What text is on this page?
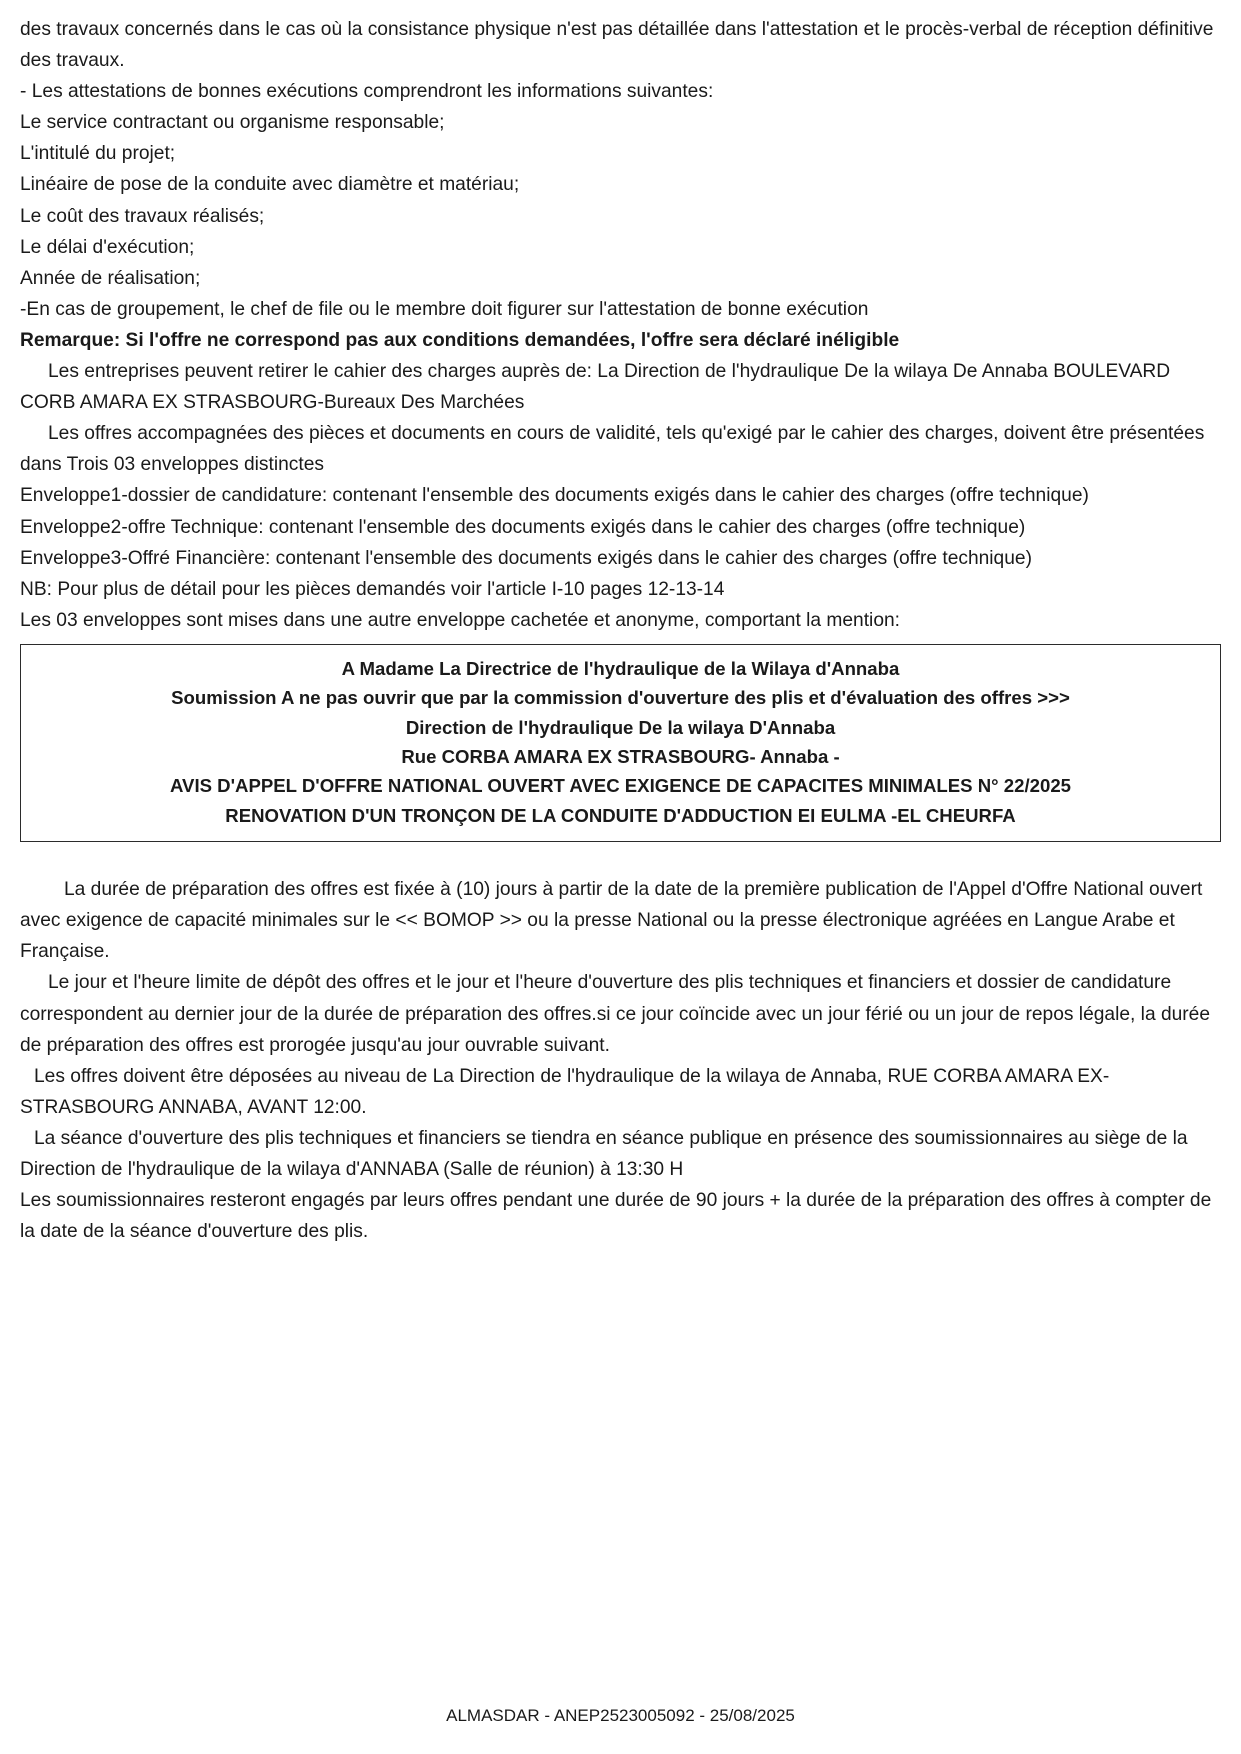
des travaux concernés dans le cas où la consistance physique n'est pas détaillée dans l'attestation et le procès-verbal de réception définitive des travaux.

- Les attestations de bonnes exécutions comprendront les informations suivantes:

Le service contractant ou organisme responsable;

L'intitulé du projet;

Linéaire de pose de la conduite avec diamètre et matériau;

Le coût des travaux réalisés;

Le délai d'exécution;

Année de réalisation;

-En cas de groupement, le chef de file ou le membre doit figurer sur l'attestation de bonne exécution

Remarque: Si l'offre ne correspond pas aux conditions demandées, l'offre sera déclaré inéligible

Les entreprises peuvent retirer le cahier des charges auprès de: La Direction de l'hydraulique De la wilaya De Annaba BOULEVARD CORB AMARA EX STRASBOURG-Bureaux Des Marchées

Les offres accompagnées des pièces et documents en cours de validité, tels qu'exigé par le cahier des charges, doivent être présentées dans Trois 03 enveloppes distinctes

Enveloppe1-dossier de candidature: contenant l'ensemble des documents exigés dans le cahier des charges (offre technique)

Enveloppe2-offre Technique: contenant l'ensemble des documents exigés dans le cahier des charges (offre technique)

Enveloppe3-Offré Financière: contenant l'ensemble des documents exigés dans le cahier des charges (offre technique)

NB: Pour plus de détail pour les pièces demandés voir l'article I-10 pages 12-13-14

Les 03 enveloppes sont mises dans une autre enveloppe cachetée et anonyme, comportant la mention:

A Madame La Directrice de l'hydraulique de la Wilaya d'Annaba
Soumission A ne pas ouvrir que par la commission d'ouverture des plis et d'évaluation des offres >>>
Direction de l'hydraulique De la wilaya D'Annaba
Rue CORBA AMARA EX STRASBOURG- Annaba -
AVIS D'APPEL D'OFFRE NATIONAL OUVERT AVEC EXIGENCE DE CAPACITES MINIMALES N° 22/2025
RENOVATION D'UN TRONÇON DE LA CONDUITE D'ADDUCTION EI EULMA -EL CHEURFA

La durée de préparation des offres est fixée à (10) jours à partir de la date de la première publication de l'Appel d'Offre National ouvert avec exigence de capacité minimales sur le << BOMOP >> ou la presse National ou la presse électronique agréées en Langue Arabe et Française.

Le jour et l'heure limite de dépôt des offres et le jour et l'heure d'ouverture des plis techniques et financiers et dossier de candidature correspondent au dernier jour de la durée de préparation des offres.si ce jour coïncide avec un jour férié ou un jour de repos légale, la durée de préparation des offres est prorogée jusqu'au jour ouvrable suivant.

Les offres doivent être déposées au niveau de La Direction de l'hydraulique de la wilaya de Annaba, RUE CORBA AMARA EX-STRASBOURG ANNABA, AVANT 12:00.

La séance d'ouverture des plis techniques et financiers se tiendra en séance publique en présence des soumissionnaires au siège de la Direction de l'hydraulique de la wilaya d'ANNABA (Salle de réunion) à 13:30 H

Les soumissionnaires resteront engagés par leurs offres pendant une durée de 90 jours + la durée de la préparation des offres à compter de la date de la séance d'ouverture des plis.

ALMASDAR - ANEP2523005092 - 25/08/2025
